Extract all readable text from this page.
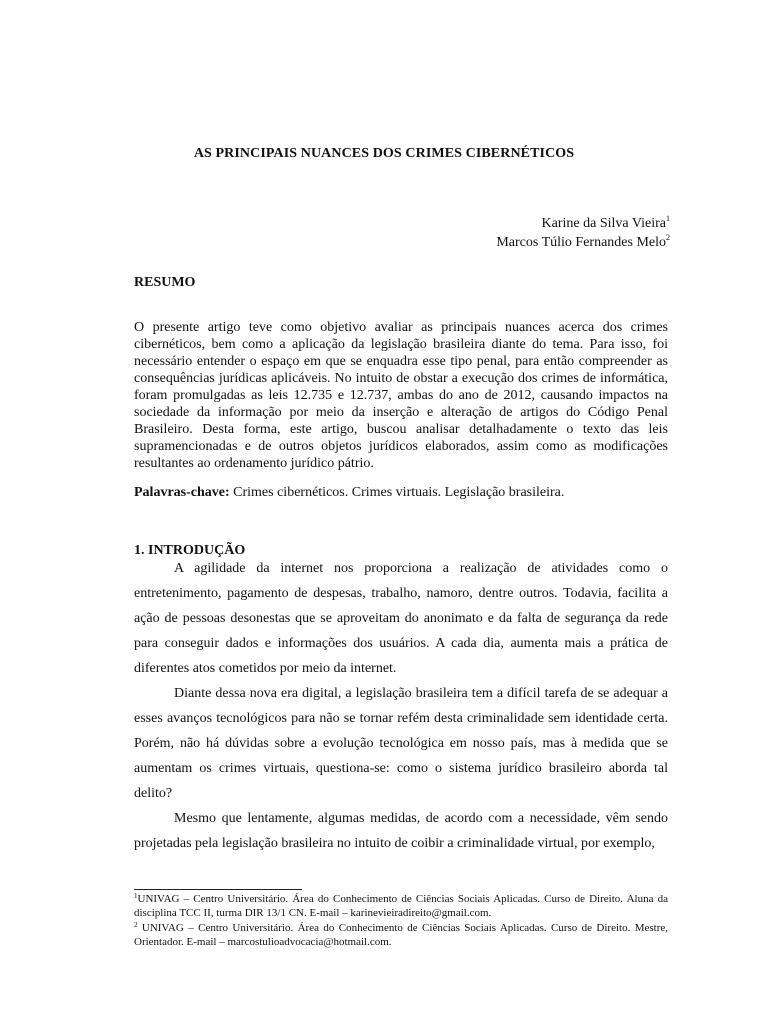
AS PRINCIPAIS NUANCES DOS CRIMES CIBERNÉTICOS
Karine da Silva Vieira$^1$
Marcos Túlio Fernandes Melo$^2$
RESUMO
O presente artigo teve como objetivo avaliar as principais nuances acerca dos crimes cibernéticos, bem como a aplicação da legislação brasileira diante do tema. Para isso, foi necessário entender o espaço em que se enquadra esse tipo penal, para então compreender as consequências jurídicas aplicáveis. No intuito de obstar a execução dos crimes de informática, foram promulgadas as leis 12.735 e 12.737, ambas do ano de 2012, causando impactos na sociedade da informação por meio da inserção e alteração de artigos do Código Penal Brasileiro. Desta forma, este artigo, buscou analisar detalhadamente o texto das leis supramencionadas e de outros objetos jurídicos elaborados, assim como as modificações resultantes ao ordenamento jurídico pátrio.
Palavras-chave: Crimes cibernéticos. Crimes virtuais. Legislação brasileira.
1. INTRODUÇÃO

A agilidade da internet nos proporciona a realização de atividades como o entretenimento, pagamento de despesas, trabalho, namoro, dentre outros. Todavia, facilita a ação de pessoas desonestas que se aproveitam do anonimato e da falta de segurança da rede para conseguir dados e informações dos usuários. A cada dia, aumenta mais a prática de diferentes atos cometidos por meio da internet.

Diante dessa nova era digital, a legislação brasileira tem a difícil tarefa de se adequar a esses avanços tecnológicos para não se tornar refém desta criminalidade sem identidade certa. Porém, não há dúvidas sobre a evolução tecnológica em nosso país, mas à medida que se aumentam os crimes virtuais, questiona-se: como o sistema jurídico brasileiro aborda tal delito?

Mesmo que lentamente, algumas medidas, de acordo com a necessidade, vêm sendo projetadas pela legislação brasileira no intuito de coibir a criminalidade virtual, por exemplo,

$^1$UNIVAG – Centro Universitário. Área do Conhecimento de Ciências Sociais Aplicadas. Curso de Direito. Aluna da disciplina TCC II, turma DIR 13/1 CN. E-mail – karinevieiradireito@gmail.com.

$^2$ UNIVAG – Centro Universitário. Área do Conhecimento de Ciências Sociais Aplicadas. Curso de Direito. Mestre, Orientador. E-mail – marcostulioadvocacia@hotmail.com.
